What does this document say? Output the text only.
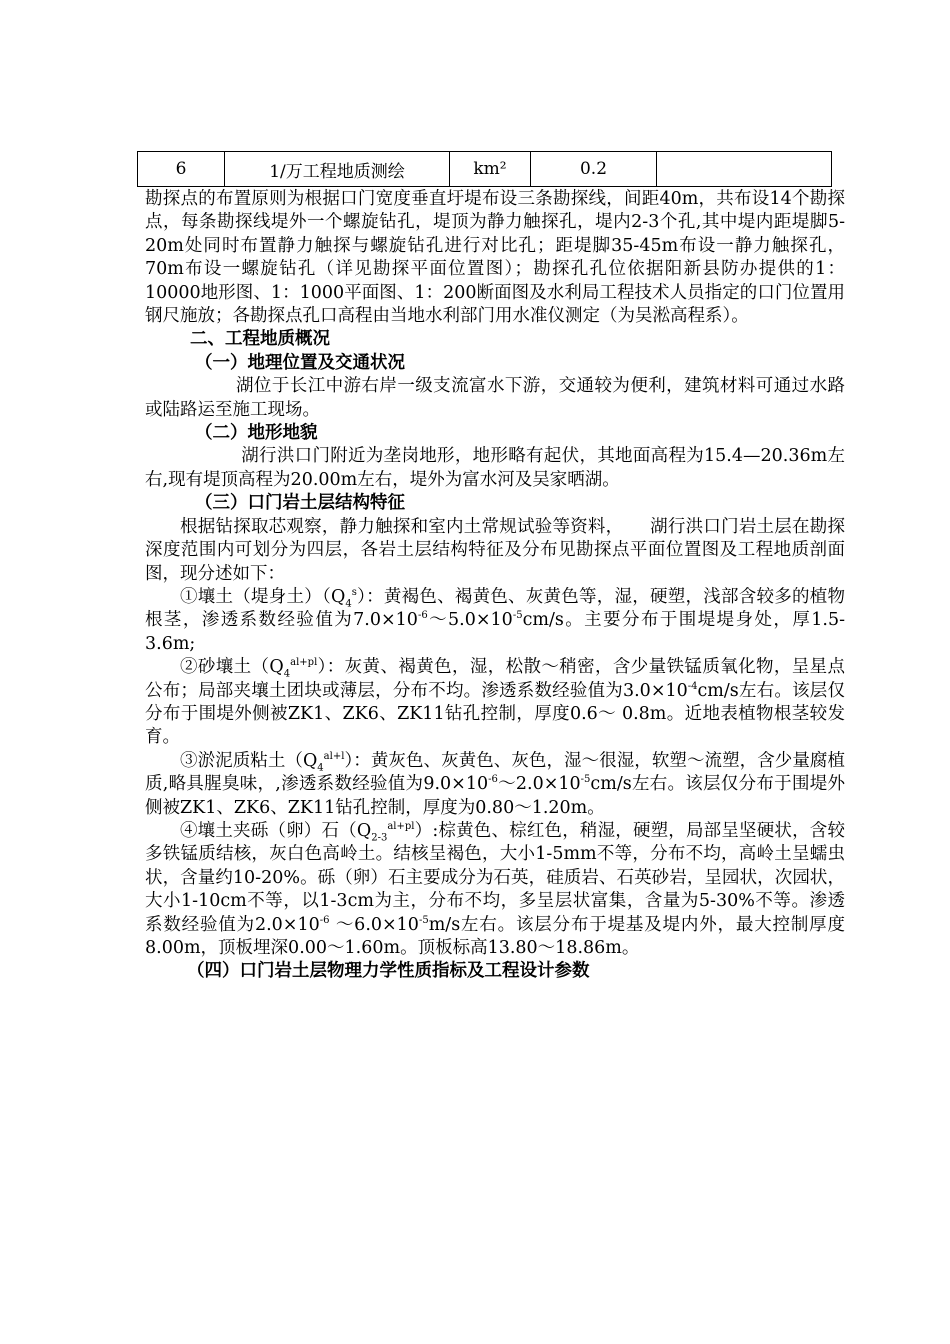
6	1/万工程地质测绘	km²	0.2	

勘探点的布置原则为根据口门宽度垂直圩堤布设三条勘探线，间距40m，共布设14个勘探点，每条勘探线堤外一个螺旋钻孔，堤顶为静力触探孔，堤内2-3个孔,其中堤内距堤脚5-20m处同时布置静力触探与螺旋钻孔进行对比孔；距堤脚35-45m布设一静力触探孔，70m布设一螺旋钻孔（详见勘探平面位置图）；勘探孔孔位依据阳新县防办提供的1：10000地形图、1：1000平面图、1：200断面图及水利局工程技术人员指定的口门位置用钢尺施放；各勘探点孔口高程由当地水利部门用水准仪测定（为吴淞高程系）。

二、工程地质概况

（一）地理位置及交通状况

湖位于长江中游右岸一级支流富水下游，交通较为便利，建筑材料可通过水路或陆路运至施工现场。

（二）地形地貌

湖行洪口门附近为垄岗地形，地形略有起伏，其地面高程为15.4—20.36m左右,现有堤顶高程为20.00m左右，堤外为富水河及吴家晒湖。

（三）口门岩土层结构特征

根据钻探取芯观察，静力触探和室内土常规试验等资料，　　湖行洪口门岩土层在勘探深度范围内可划分为四层，各岩土层结构特征及分布见勘探点平面位置图及工程地质剖面图，现分述如下：

①壤土（堤身土）$(Q_4^s)$：黄褐色、褐黄色、灰黄色等，湿，硬塑，浅部含较多的植物根茎，渗透系数经验值为$7.0\times 10^{-6}\sim 5.0\times 10^{-5}cm/s$。主要分布于围堤堤身处，厚1.5-3.6m;

②砂壤土$(Q_4^{al+pl})$：灰黄、褐黄色，湿，松散～稍密，含少量铁锰质氧化物，呈星点公布；局部夹壤土团块或薄层，分布不均。渗透系数经验值为$3.0\times 10^{-4}cm/s$左右。该层仅分布于围堤外侧被ZK1、ZK6、ZK11钻孔控制，厚度0.6～ 0.8m。近地表植物根茎较发育。

③淤泥质粘土$(Q_4^{al+l})$：黄灰色、灰黄色、灰色，湿～很湿，软塑～流塑，含少量腐植质,略具腥臭味，,渗透系数经验值为$9.0\times 10^{-6}\sim 2.0\times 10^{-5}cm/s$左右。该层仅分布于围堤外侧被ZK1、ZK6、ZK11钻孔控制，厚度为0.80～1.20m。

④壤土夹砾（卵）石$(Q_{2-3}^{al+pl})$:棕黄色、棕红色，稍湿，硬塑，局部呈坚硬状，含较多铁锰质结核，灰白色高岭土。结核呈褐色，大小1-5mm不等，分布不均，高岭土呈蠕虫状，含量约10-20%。砾（卵）石主要成分为石英，硅质岩、石英砂岩，呈园状，次园状，大小1-10cm不等，以1-3cm为主，分布不均，多呈层状富集，含量为5-30%不等。渗透系数经验值为$2.0\times 10^{-6}$ $\sim 6.0\times 10^{-5}m/s$左右。该层分布于堤基及堤内外，最大控制厚度8.00m，顶板埋深0.00～1.60m。顶板标高13.80～18.86m。

（四）口门岩土层物理力学性质指标及工程设计参数
